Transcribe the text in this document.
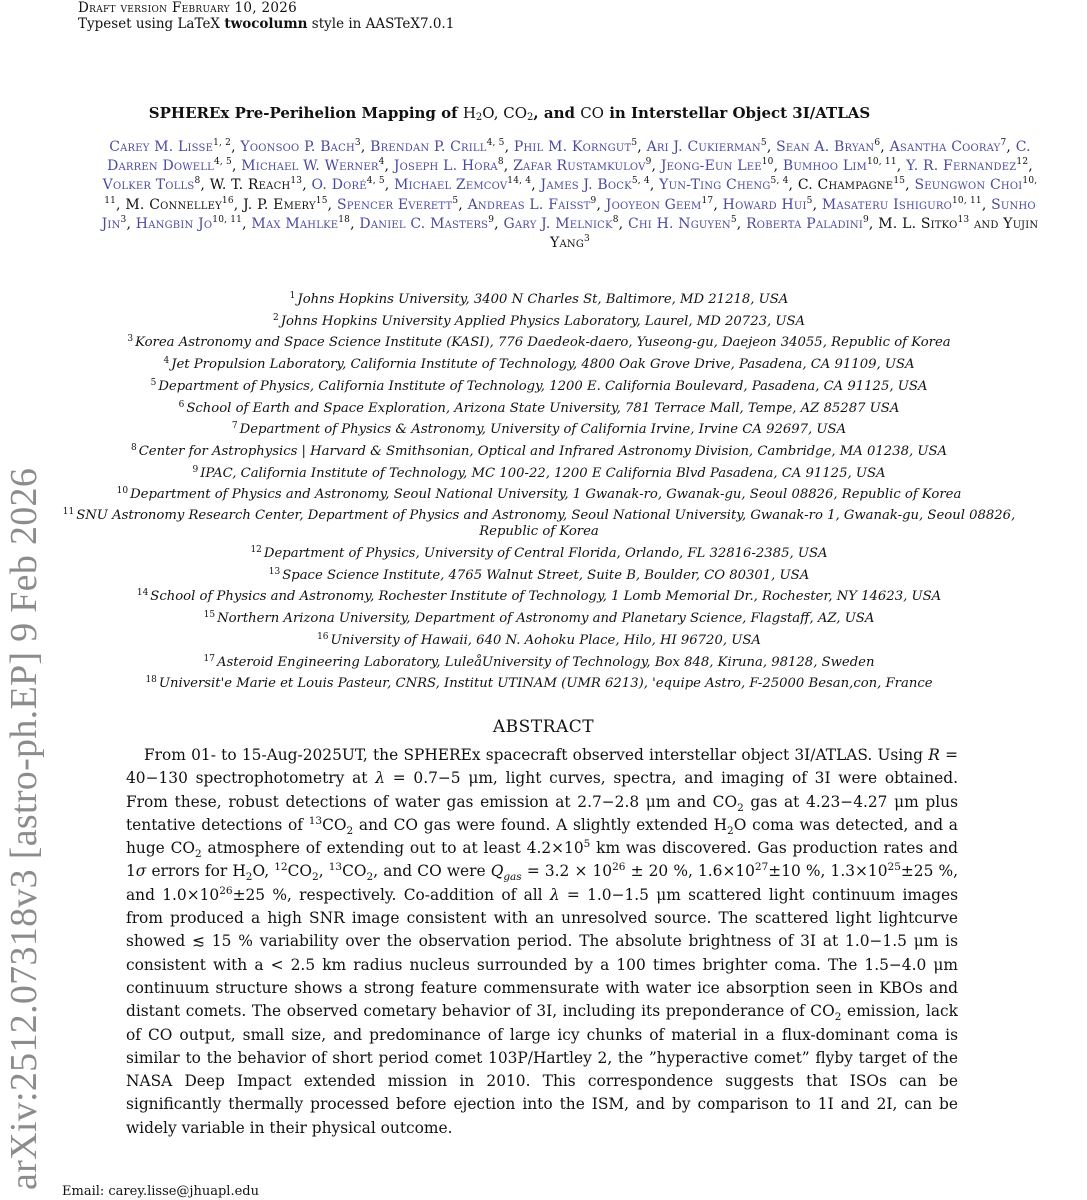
Draft version February 10, 2026
Typeset using LaTeX twocolumn style in AASTeX7.0.1
arXiv:2512.07318v3 [astro-ph.EP] 9 Feb 2026
SPHEREx Pre-Perihelion Mapping of $H_2O$, $CO_2$, and CO in Interstellar Object 3I/ATLAS
Carey M. Lisse$^{1, 2}$, Yoonsoo P. Bach$^3$, Brendan P. Crill$^{4, 5}$, Phil M. Korngut$^5$, Ari J. Cukierman$^5$, Sean A. Bryan$^6$, Asantha Cooray$^7$, C. Darren Dowell$^{4, 5}$, Michael W. Werner$^4$, Joseph L. Hora$^8$, Zafar Rustamkulov$^9$, Jeong-Eun Lee$^{10}$, Bumhoo Lim$^{10, 11}$, Y. R. Fernandez$^{12}$, Volker Tolls$^8$, W. T. Reach$^{13}$, O. Doré$^{4, 5}$, Michael Zemcov$^{14, 4}$, James J. Bock$^{5, 4}$, Yun-Ting Cheng$^{5, 4}$, C. Champagne$^{15}$, Seungwon Choi$^{10, 11}$, M. Connelley$^{16}$, J. P. Emery$^{15}$, Spencer Everett$^5$, Andreas L. Faisst$^9$, Jooyeon Geem$^{17}$, Howard Hui$^5$, Masateru Ishiguro$^{10, 11}$, Sunho Jin$^3$, Hangbin Jo$^{10, 11}$, Max Mahlke$^{18}$, Daniel C. Masters$^9$, Gary J. Melnick$^8$, Chi H. Nguyen$^5$, Roberta Paladini$^9$, M. L. Sitko$^{13}$ and Yujin Yang$^3$
$^1$ Johns Hopkins University, 3400 N Charles St, Baltimore, MD 21218, USA
$^2$ Johns Hopkins University Applied Physics Laboratory, Laurel, MD 20723, USA
$^3$ Korea Astronomy and Space Science Institute (KASI), 776 Daedeok-daero, Yuseong-gu, Daejeon 34055, Republic of Korea
$^4$ Jet Propulsion Laboratory, California Institute of Technology, 4800 Oak Grove Drive, Pasadena, CA 91109, USA
$^5$ Department of Physics, California Institute of Technology, 1200 E. California Boulevard, Pasadena, CA 91125, USA
$^6$ School of Earth and Space Exploration, Arizona State University, 781 Terrace Mall, Tempe, AZ 85287 USA
$^7$ Department of Physics & Astronomy, University of California Irvine, Irvine CA 92697, USA
$^8$ Center for Astrophysics | Harvard & Smithsonian, Optical and Infrared Astronomy Division, Cambridge, MA 01238, USA
$^9$ IPAC, California Institute of Technology, MC 100-22, 1200 E California Blvd Pasadena, CA 91125, USA
$^{10}$ Department of Physics and Astronomy, Seoul National University, 1 Gwanak-ro, Gwanak-gu, Seoul 08826, Republic of Korea
$^{11}$ SNU Astronomy Research Center, Department of Physics and Astronomy, Seoul National University, Gwanak-ro 1, Gwanak-gu, Seoul 08826, Republic of Korea
$^{12}$ Department of Physics, University of Central Florida, Orlando, FL 32816-2385, USA
$^{13}$ Space Science Institute, 4765 Walnut Street, Suite B, Boulder, CO 80301, USA
$^{14}$ School of Physics and Astronomy, Rochester Institute of Technology, 1 Lomb Memorial Dr., Rochester, NY 14623, USA
$^{15}$ Northern Arizona University, Department of Astronomy and Planetary Science, Flagstaff, AZ, USA
$^{16}$ University of Hawaii, 640 N. Aohoku Place, Hilo, HI 96720, USA
$^{17}$ Asteroid Engineering Laboratory, LuleåUniversity of Technology, Box 848, Kiruna, 98128, Sweden
$^{18}$ Universit'e Marie et Louis Pasteur, CNRS, Institut UTINAM (UMR 6213), 'equipe Astro, F-25000 Besan,con, France
ABSTRACT

From 01- to 15-Aug-2025UT, the SPHEREx spacecraft observed interstellar object 3I/ATLAS. Using R = 40−130 spectrophotometry at λ = 0.7−5 μm, light curves, spectra, and imaging of 3I were obtained. From these, robust detections of water gas emission at 2.7−2.8 μm and $CO_2$ gas at 4.23−4.27 μm plus tentative detections of $^{13}CO_2$ and CO gas were found. A slightly extended $H_2O$ coma was detected, and a huge $CO_2$ atmosphere of extending out to at least $4.2\times 10^5$ km was discovered. Gas production rates and 1σ errors for $H_2O$, $^{12}CO_2$, $^{13}CO_2$, and CO were $Q_{gas} = 3.2 \times 10^{26} \pm 20$ %, $1.6\times 10^{27}\pm 10$ %, $1.3\times 10^{25}\pm 25$ %, and $1.0\times 10^{26}\pm 25$ %, respectively. Co-addition of all λ = 1.0−1.5 μm scattered light continuum images from produced a high SNR image consistent with an unresolved source. The scattered light lightcurve showed ≲ 15 % variability over the observation period. The absolute brightness of 3I at 1.0−1.5 μm is consistent with a < 2.5 km radius nucleus surrounded by a 100 times brighter coma. The 1.5−4.0 μm continuum structure shows a strong feature commensurate with water ice absorption seen in KBOs and distant comets. The observed cometary behavior of 3I, including its preponderance of $CO_2$ emission, lack of CO output, small size, and predominance of large icy chunks of material in a flux-dominant coma is similar to the behavior of short period comet 103P/Hartley 2, the ”hyperactive comet” flyby target of the NASA Deep Impact extended mission in 2010. This correspondence suggests that ISOs can be significantly thermally processed before ejection into the ISM, and by comparison to 1I and 2I, can be widely variable in their physical outcome.

Email: carey.lisse@jhuapl.edu
